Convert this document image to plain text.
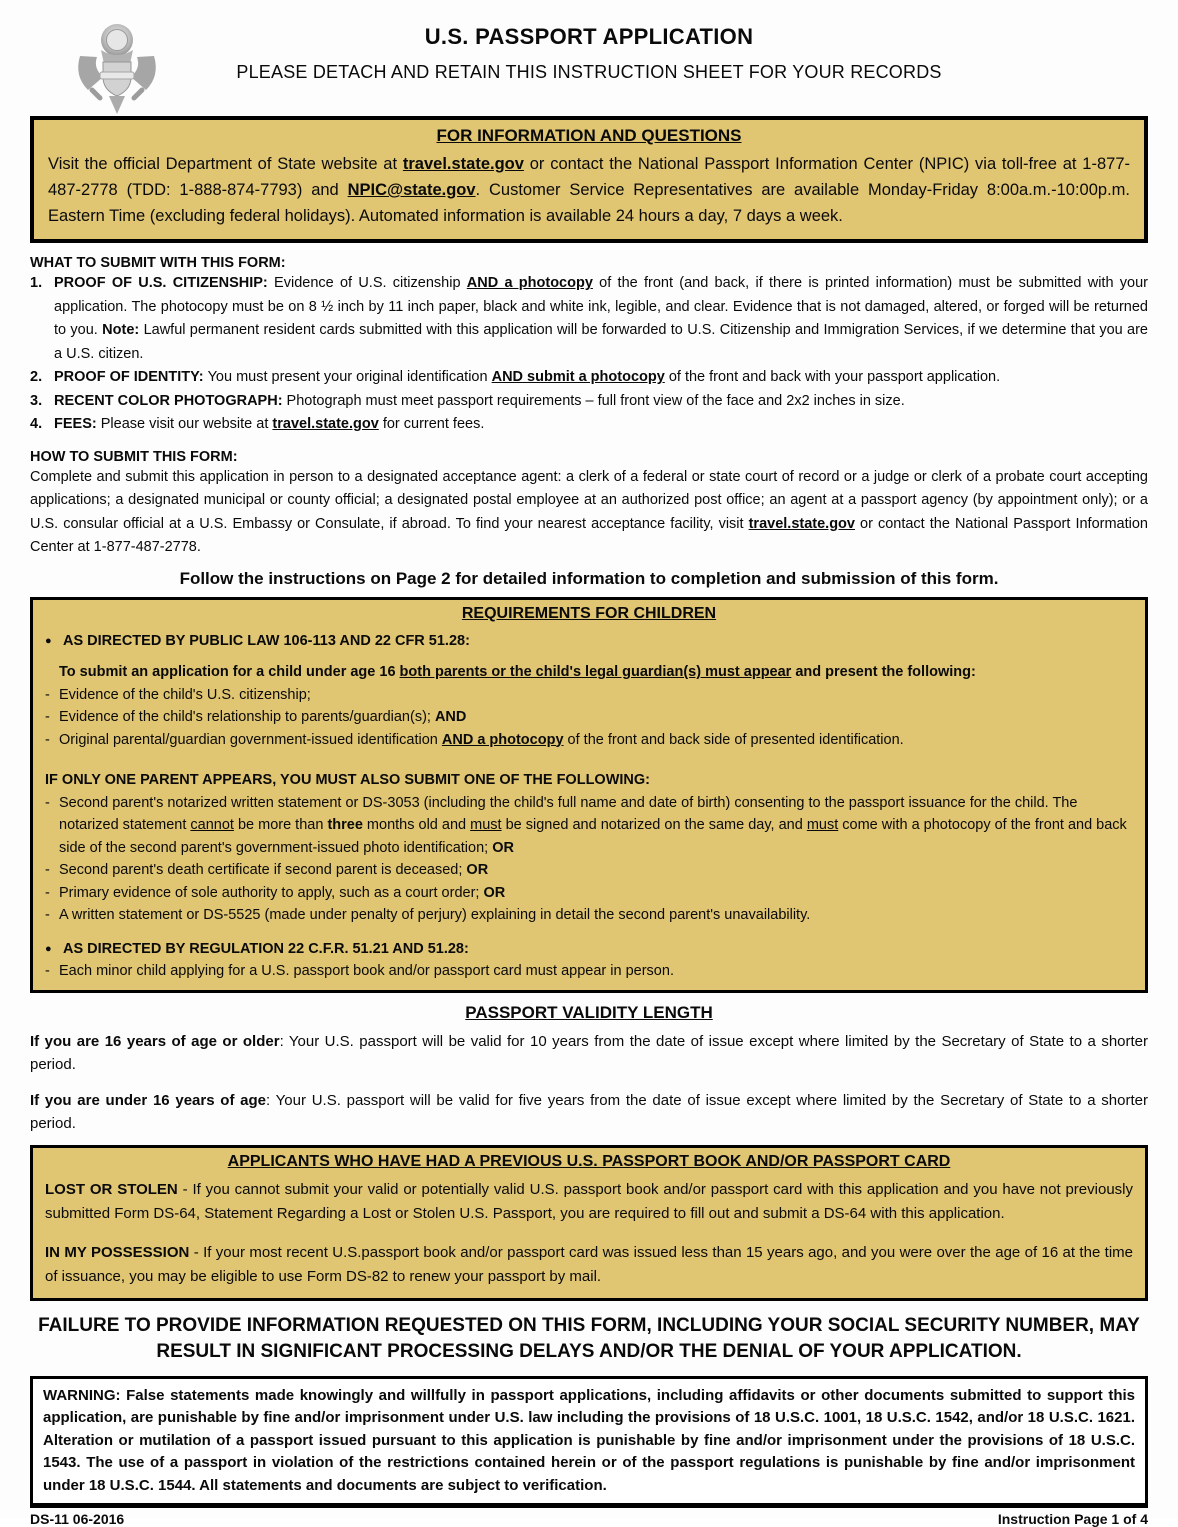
U.S. PASSPORT APPLICATION
PLEASE DETACH AND RETAIN THIS INSTRUCTION SHEET FOR YOUR RECORDS
FOR INFORMATION AND QUESTIONS
Visit the official Department of State website at travel.state.gov or contact the National Passport Information Center (NPIC) via toll-free at 1-877-487-2778 (TDD: 1-888-874-7793) and NPIC@state.gov. Customer Service Representatives are available Monday-Friday 8:00a.m.-10:00p.m. Eastern Time (excluding federal holidays). Automated information is available 24 hours a day, 7 days a week.
WHAT TO SUBMIT WITH THIS FORM:
1. PROOF OF U.S. CITIZENSHIP: Evidence of U.S. citizenship AND a photocopy of the front (and back, if there is printed information) must be submitted with your application. The photocopy must be on 8 ½ inch by 11 inch paper, black and white ink, legible, and clear. Evidence that is not damaged, altered, or forged will be returned to you. Note: Lawful permanent resident cards submitted with this application will be forwarded to U.S. Citizenship and Immigration Services, if we determine that you are a U.S. citizen.
2. PROOF OF IDENTITY: You must present your original identification AND submit a photocopy of the front and back with your passport application.
3. RECENT COLOR PHOTOGRAPH: Photograph must meet passport requirements – full front view of the face and 2x2 inches in size.
4. FEES: Please visit our website at travel.state.gov for current fees.
HOW TO SUBMIT THIS FORM:
Complete and submit this application in person to a designated acceptance agent: a clerk of a federal or state court of record or a judge or clerk of a probate court accepting applications; a designated municipal or county official; a designated postal employee at an authorized post office; an agent at a passport agency (by appointment only); or a U.S. consular official at a U.S. Embassy or Consulate, if abroad. To find your nearest acceptance facility, visit travel.state.gov or contact the National Passport Information Center at 1-877-487-2778.
Follow the instructions on Page 2 for detailed information to completion and submission of this form.
REQUIREMENTS FOR CHILDREN
● AS DIRECTED BY PUBLIC LAW 106-113 AND 22 CFR 51.28:
To submit an application for a child under age 16 both parents or the child's legal guardian(s) must appear and present the following:
- Evidence of the child's U.S. citizenship;
- Evidence of the child's relationship to parents/guardian(s); AND
- Original parental/guardian government-issued identification AND a photocopy of the front and back side of presented identification.
IF ONLY ONE PARENT APPEARS, YOU MUST ALSO SUBMIT ONE OF THE FOLLOWING:
- Second parent's notarized written statement or DS-3053 (including the child's full name and date of birth) consenting to the passport issuance for the child. The notarized statement cannot be more than three months old and must be signed and notarized on the same day, and must come with a photocopy of the front and back side of the second parent's government-issued photo identification; OR
- Second parent's death certificate if second parent is deceased; OR
- Primary evidence of sole authority to apply, such as a court order; OR
- A written statement or DS-5525 (made under penalty of perjury) explaining in detail the second parent's unavailability.
● AS DIRECTED BY REGULATION 22 C.F.R. 51.21 AND 51.28:
- Each minor child applying for a U.S. passport book and/or passport card must appear in person.
PASSPORT VALIDITY LENGTH
If you are 16 years of age or older: Your U.S. passport will be valid for 10 years from the date of issue except where limited by the Secretary of State to a shorter period.
If you are under 16 years of age: Your U.S. passport will be valid for five years from the date of issue except where limited by the Secretary of State to a shorter period.
APPLICANTS WHO HAVE HAD A PREVIOUS U.S. PASSPORT BOOK AND/OR PASSPORT CARD
LOST OR STOLEN - If you cannot submit your valid or potentially valid U.S. passport book and/or passport card with this application and you have not previously submitted Form DS-64, Statement Regarding a Lost or Stolen U.S. Passport, you are required to fill out and submit a DS-64 with this application.
IN MY POSSESSION - If your most recent U.S.passport book and/or passport card was issued less than 15 years ago, and you were over the age of 16 at the time of issuance, you may be eligible to use Form DS-82 to renew your passport by mail.
FAILURE TO PROVIDE INFORMATION REQUESTED ON THIS FORM, INCLUDING YOUR SOCIAL SECURITY NUMBER, MAY RESULT IN SIGNIFICANT PROCESSING DELAYS AND/OR THE DENIAL OF YOUR APPLICATION.
WARNING: False statements made knowingly and willfully in passport applications, including affidavits or other documents submitted to support this application, are punishable by fine and/or imprisonment under U.S. law including the provisions of 18 U.S.C. 1001, 18 U.S.C. 1542, and/or 18 U.S.C. 1621. Alteration or mutilation of a passport issued pursuant to this application is punishable by fine and/or imprisonment under the provisions of 18 U.S.C. 1543. The use of a passport in violation of the restrictions contained herein or of the passport regulations is punishable by fine and/or imprisonment under 18 U.S.C. 1544. All statements and documents are subject to verification.
DS-11 06-2016	Instruction Page 1 of 4
